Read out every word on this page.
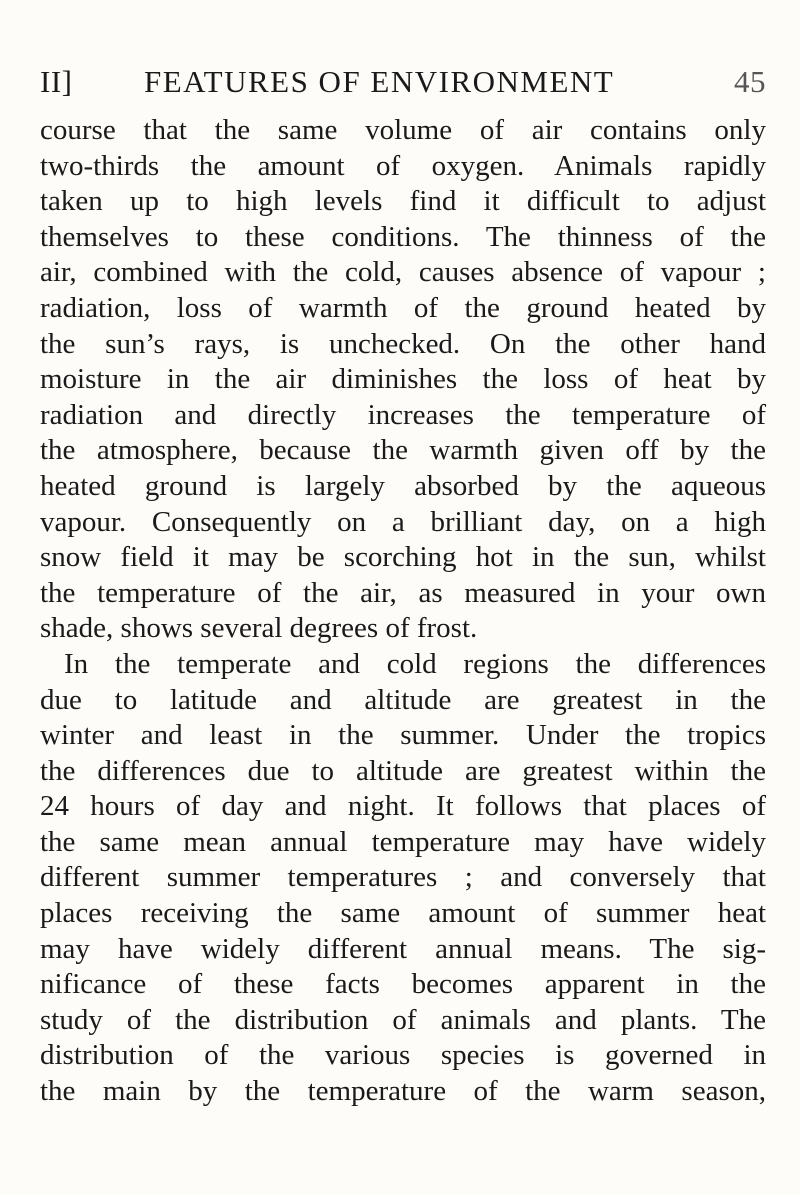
II] FEATURES OF ENVIRONMENT	45
course that the same volume of air contains only
two-thirds the amount of oxygen. Animals rapidly
taken up to high levels find it difficult to adjust
themselves to these conditions. The thinness of the
air, combined with the cold, causes absence of vapour ;
radiation, loss of warmth of the ground heated by
the sun’s rays, is unchecked. On the other hand
moisture in the air diminishes the loss of heat by
radiation and directly increases the temperature of
the atmosphere, because the warmth given off by the
heated ground is largely absorbed by the aqueous
vapour. Consequently on a brilliant day, on a high
snow field it may be scorching hot in the sun, whilst
the temperature of the air, as measured in your own
shade, shows several degrees of frost.
In the temperate and cold regions the differences
due to latitude and altitude are greatest in the
winter and least in the summer. Under the tropics
the differences due to altitude are greatest within the
24 hours of day and night. It follows that places of
the same mean annual temperature may have widely
different summer temperatures ; and conversely that
places receiving the same amount of summer heat
may have widely different annual means. The sig-
nificance of these facts becomes apparent in the
study of the distribution of animals and plants. The
distribution of the various species is governed in
the main by the temperature of the warm season,
